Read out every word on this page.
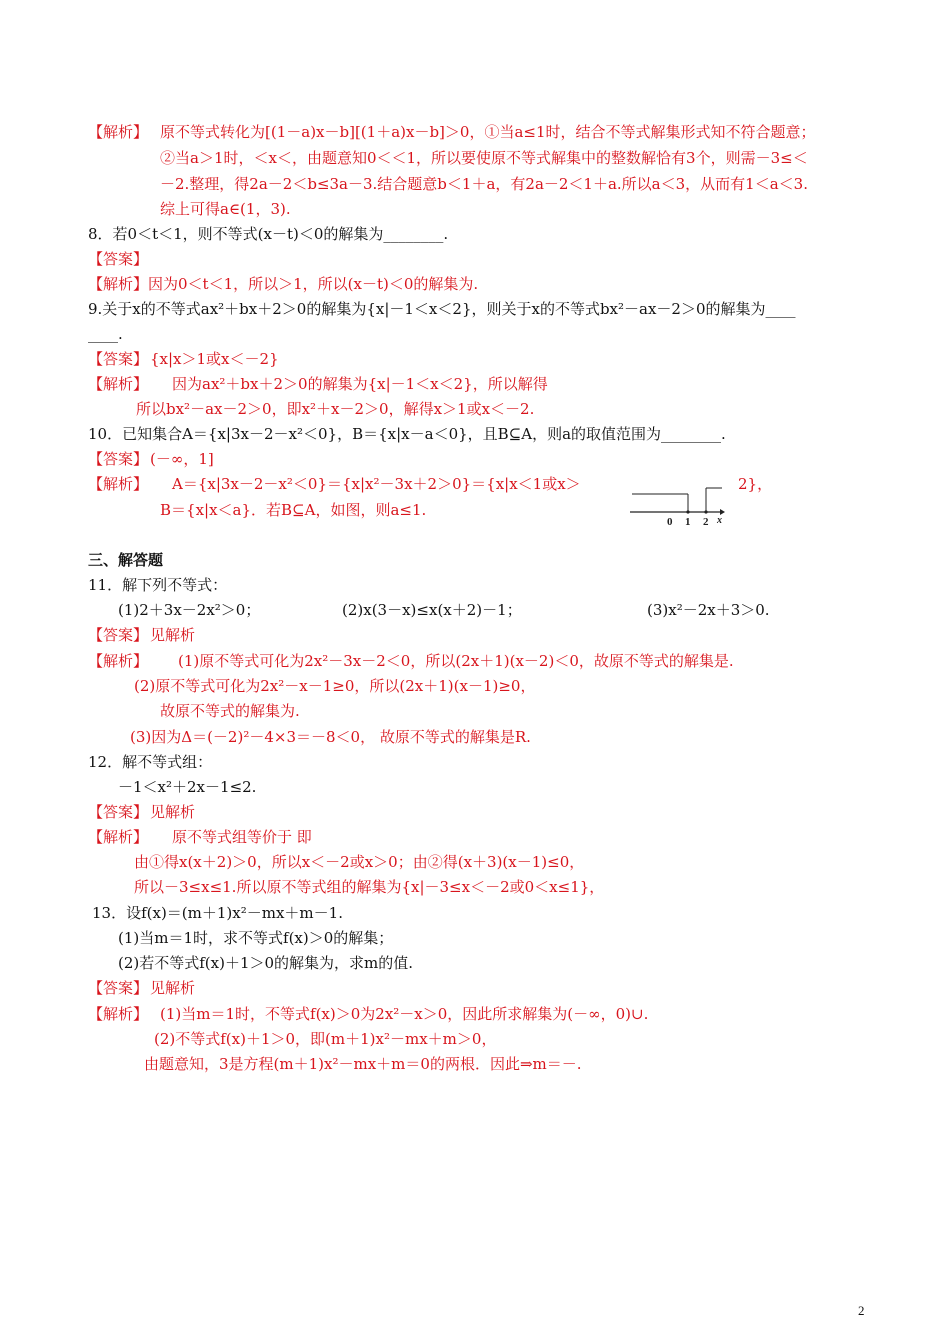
【解析】 原不等式转化为[(1－a)x－b][(1＋a)x－b]＞0，①当a≤1时，结合不等式解集形式知不符合题意；
②当a＞1时，＜x＜，由题意知0＜＜1，所以要使原不等式解集中的整数解恰有3个，则需－3≤＜
－2.整理，得2a－2＜b≤3a－3.结合题意b＜1＋a，有2a－2＜1＋a.所以a＜3，从而有1＜a＜3.
综上可得a∈(1，3).
8．若0＜t＜1，则不等式(x－t)＜0的解集为________.
【答案】
【解析】 因为0＜t＜1，所以＞1，所以(x－t)＜0的解集为.
9.关于x的不等式ax²＋bx＋2＞0的解集为{x|－1＜x＜2}，则关于x的不等式bx²－ax－2＞0的解集为____
____.
【答案】 {x|x＞1或x＜－2}
【解析】 因为ax²＋bx＋2＞0的解集为{x|－1＜x＜2}，所以解得
所以bx²－ax－2＞0，即x²＋x－2＞0，解得x＞1或x＜－2.
10．已知集合A＝{x|3x－2－x²＜0}，B＝{x|x－a＜0}，且B⊆A，则a的取值范围为________.
【答案】 (－∞，1]
【解析】 A＝{x|3x－2－x²＜0}＝{x|x²－3x＋2＞0}＝{x|x＜1或x＞	2}，
B＝{x|x＜a}．若B⊆A，如图，则a≤1.
0 1 2 x
三、解答题
11．解下列不等式：
(1)2＋3x－2x²＞0；	(2)x(3－x)≤x(x＋2)－1；	(3)x²－2x＋3＞0.
【答案】 见解析
【解析】 (1)原不等式可化为2x²－3x－2＜0，所以(2x＋1)(x－2)＜0，故原不等式的解集是.
(2)原不等式可化为2x²－x－1≥0，所以(2x＋1)(x－1)≥0，
故原不等式的解集为.
(3)因为Δ＝(－2)²－4×3＝－8＜0， 故原不等式的解集是R.
12．解不等式组：
－1＜x²＋2x－1≤2.
【答案】 见解析
【解析】 原不等式组等价于 即
由①得x(x＋2)＞0，所以x＜－2或x＞0；由②得(x＋3)(x－1)≤0，
所以－3≤x≤1.所以原不等式组的解集为{x|－3≤x＜－2或0＜x≤1}，
13．设f(x)＝(m＋1)x²－mx＋m－1.
(1)当m＝1时，求不等式f(x)＞0的解集；
(2)若不等式f(x)＋1＞0的解集为，求m的值.
【答案】 见解析
【解析】 (1)当m＝1时，不等式f(x)＞0为2x²－x＞0，因此所求解集为(－∞，0)∪.
(2)不等式f(x)＋1＞0，即(m＋1)x²－mx＋m＞0，
由题意知，3是方程(m＋1)x²－mx＋m＝0的两根．因此⇒m＝－.
2
